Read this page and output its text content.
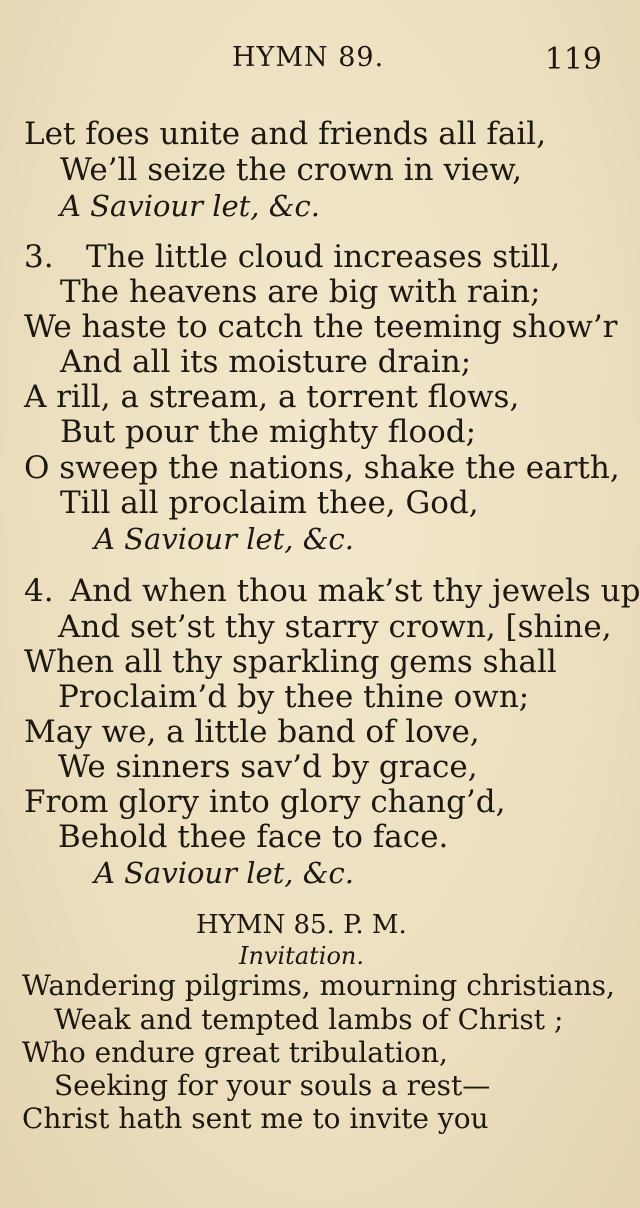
HYMN 89.	119
Let foes unite and friends all fail,
We’ll seize the crown in view,
A Saviour let, &c.
3. The little cloud increases still,
The heavens are big with rain;
We haste to catch the teeming show’r
And all its moisture drain;
A rill, a stream, a torrent flows,
But pour the mighty flood;
O sweep the nations, shake the earth,
Till all proclaim thee, God,
A Saviour let, &c.
4. And when thou mak’st thy jewels up
And set’st thy starry crown, [shine,
When all thy sparkling gems shall
Proclaim’d by thee thine own;
May we, a little band of love,
We sinners sav’d by grace,
From glory into glory chang’d,
Behold thee face to face.
A Saviour let, &c.
HYMN 85. P. M.
Invitation.
Wandering pilgrims, mourning christians,
Weak and tempted lambs of Christ ;
Who endure great tribulation,
Seeking for your souls a rest—
Christ hath sent me to invite you
